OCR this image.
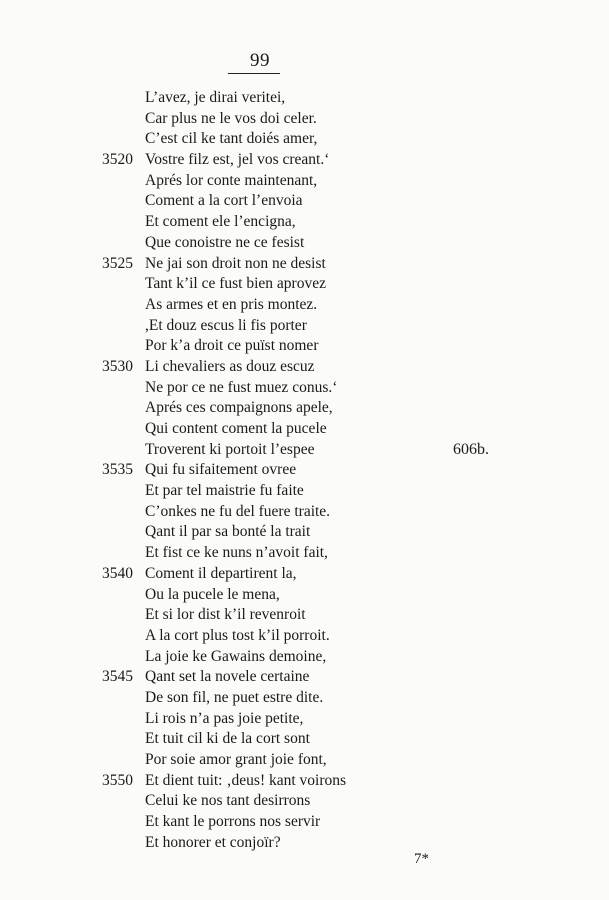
99
L’avez, je dirai veritei,
Car plus ne le vos doi celer.
C’est cil ke tant doiés amer,
3520 Vostre filz est, jel vos creant.‘
Aprés lor conte maintenant,
Coment a la cort l’envoia
Et coment ele l’encigna,
Que conoistre ne ce fesist
3525 Ne jai son droit non ne desist
Tant k’il ce fust bien aprovez
As armes et en pris montez.
,Et douz escus li fis porter
Por k’a droit ce puïst nomer
3530 Li chevaliers as douz escuz
Ne por ce ne fust muez conus.‘
Aprés ces compaignons apele,
Qui content coment la pucele
Troverent ki portoit l’espee	606b.
3535 Qui fu sifaitement ovree
Et par tel maistrie fu faite
C’onkes ne fu del fuere traite.
Qant il par sa bonté la trait
Et fist ce ke nuns n’avoit fait,
3540 Coment il departirent la,
Ou la pucele le mena,
Et si lor dist k’il revenroit
A la cort plus tost k’il porroit.
La joie ke Gawains demoine,
3545 Qant set la novele certaine
De son fil, ne puet estre dite.
Li rois n’a pas joie petite,
Et tuit cil ki de la cort sont
Por soie amor grant joie font,
3550 Et dient tuit: ‚deus! kant voirons
Celui ke nos tant desirrons
Et kant le porrons nos servir
Et honorer et conjoïr?
7*
